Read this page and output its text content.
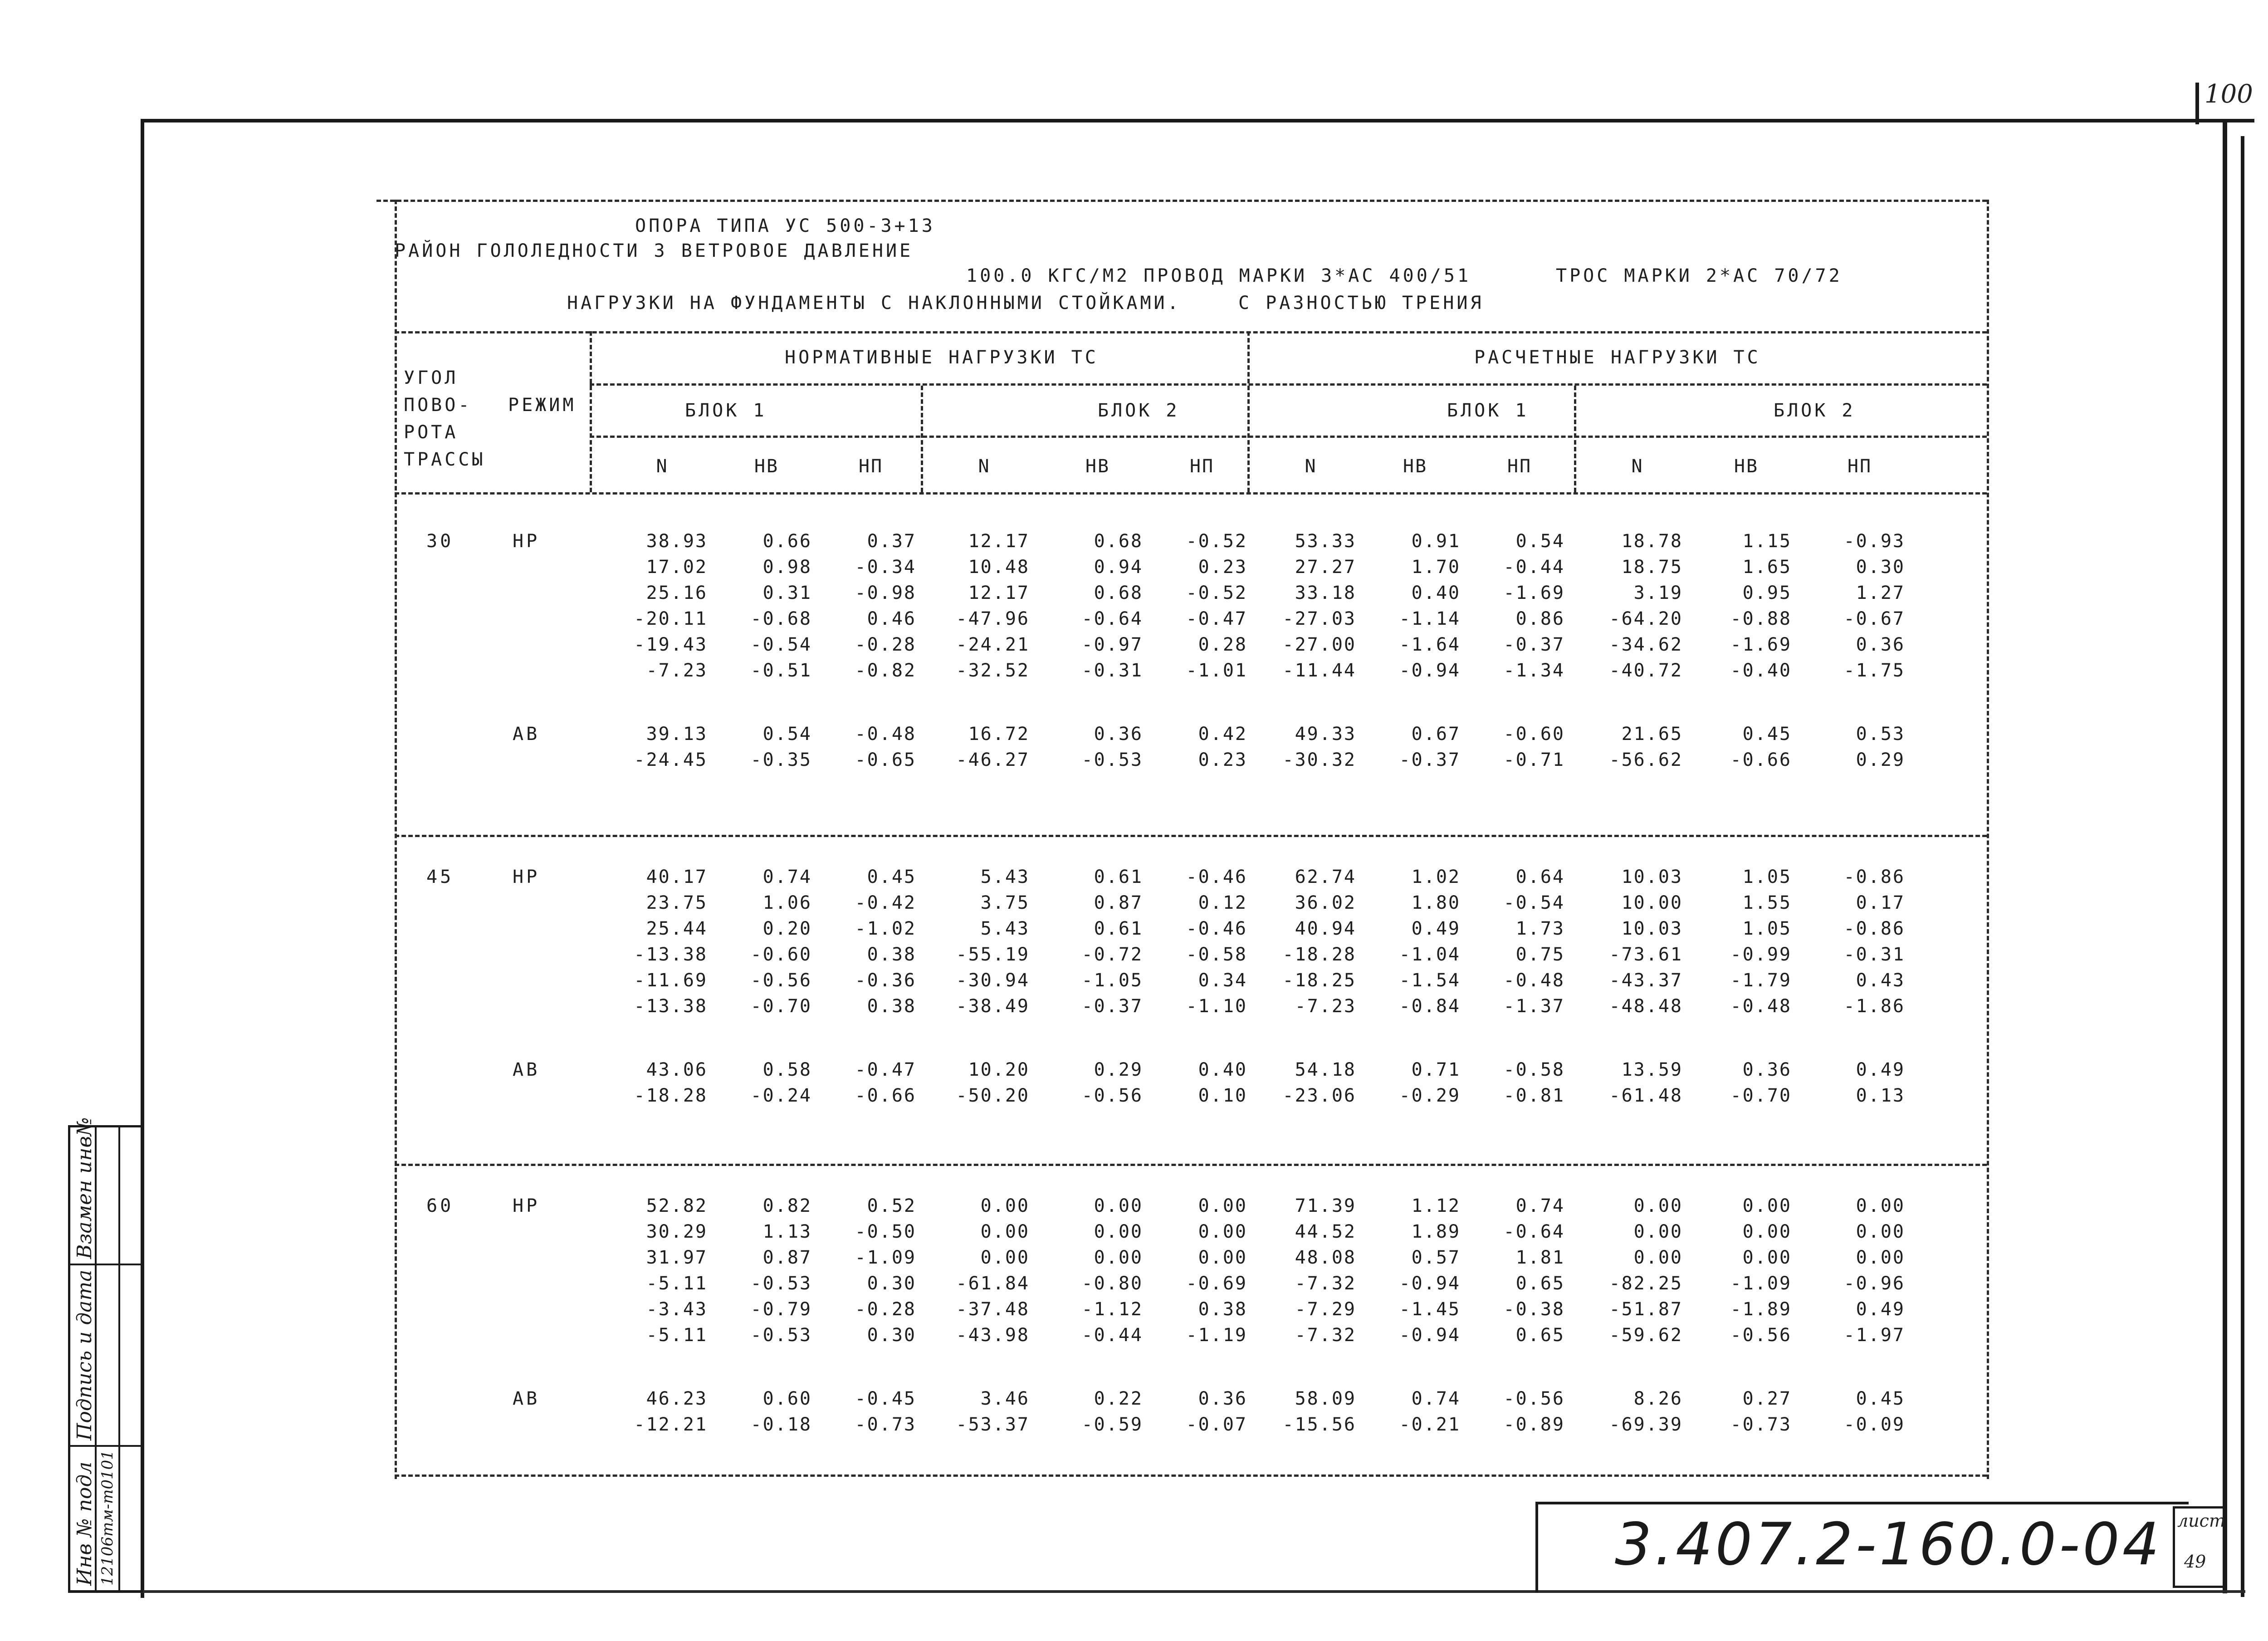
100
3.407.2-160.0-04 лист
49
Инв № подл 12106тм-т0101
Подпись и дата
Взамен инв№
ОПОРА ТИПА УС 500-3+13
РАЙОН ГОЛОЛЕДНОСТИ 3 ВЕТРОВОЕ ДАВЛЕНИЕ
100.0 КГС/М2 ПРОВОД МАРКИ 3*АС 400/51	ТРОС МАРКИ 2*АС 70/72
НАГРУЗКИ НА ФУНДАМЕНТЫ С НАКЛОННЫМИ СТОЙКАМИ.	С РАЗНОСТЬЮ ТРЕНИЯ
УГОЛ
ПОВО-
РОТА
ТРАССЫ
РЕЖИМ
НОРМАТИВНЫЕ НАГРУЗКИ ТС	РАСЧЕТНЫЕ НАГРУЗКИ ТС
БЛОК 1	БЛОК 2	БЛОК 1	БЛОК 2
N	НВ	НП	N	НВ	НП	N	НВ	НП	N	НВ	НП
30	НР	38.93	0.66	0.37	12.17	0.68	-0.52	53.33	0.91	0.54	18.78	1.15	-0.93
17.02	0.98	-0.34	10.48	0.94	0.23	27.27	1.70	-0.44	18.75	1.65	0.30
25.16	0.31	-0.98	12.17	0.68	-0.52	33.18	0.40	-1.69	3.19	0.95	1.27
-20.11	-0.68	0.46	-47.96	-0.64	-0.47	-27.03	-1.14	0.86	-64.20	-0.88	-0.67
-19.43	-0.54	-0.28	-24.21	-0.97	0.28	-27.00	-1.64	-0.37	-34.62	-1.69	0.36
-7.23	-0.51	-0.82	-32.52	-0.31	-1.01	-11.44	-0.94	-1.34	-40.72	-0.40	-1.75
АВ	39.13	0.54	-0.48	16.72	0.36	0.42	49.33	0.67	-0.60	21.65	0.45	0.53
-24.45	-0.35	-0.65	-46.27	-0.53	0.23	-30.32	-0.37	-0.71	-56.62	-0.66	0.29
45	НР	40.17	0.74	0.45	5.43	0.61	-0.46	62.74	1.02	0.64	10.03	1.05	-0.86
23.75	1.06	-0.42	3.75	0.87	0.12	36.02	1.80	-0.54	10.00	1.55	0.17
25.44	0.20	-1.02	5.43	0.61	-0.46	40.94	0.49	1.73	10.03	1.05	-0.86
-13.38	-0.60	0.38	-55.19	-0.72	-0.58	-18.28	-1.04	0.75	-73.61	-0.99	-0.31
-11.69	-0.56	-0.36	-30.94	-1.05	0.34	-18.25	-1.54	-0.48	-43.37	-1.79	0.43
-13.38	-0.70	0.38	-38.49	-0.37	-1.10	-7.23	-0.84	-1.37	-48.48	-0.48	-1.86
АВ	43.06	0.58	-0.47	10.20	0.29	0.40	54.18	0.71	-0.58	13.59	0.36	0.49
-18.28	-0.24	-0.66	-50.20	-0.56	0.10	-23.06	-0.29	-0.81	-61.48	-0.70	0.13
60	НР	52.82	0.82	0.52	0.00	0.00	0.00	71.39	1.12	0.74	0.00	0.00	0.00
30.29	1.13	-0.50	0.00	0.00	0.00	44.52	1.89	-0.64	0.00	0.00	0.00
31.97	0.87	-1.09	0.00	0.00	0.00	48.08	0.57	1.81	0.00	0.00	0.00
-5.11	-0.53	0.30	-61.84	-0.80	-0.69	-7.32	-0.94	0.65	-82.25	-1.09	-0.96
-3.43	-0.79	-0.28	-37.48	-1.12	0.38	-7.29	-1.45	-0.38	-51.87	-1.89	0.49
-5.11	-0.53	0.30	-43.98	-0.44	-1.19	-7.32	-0.94	0.65	-59.62	-0.56	-1.97
АВ	46.23	0.60	-0.45	3.46	0.22	0.36	58.09	0.74	-0.56	8.26	0.27	0.45
-12.21	-0.18	-0.73	-53.37	-0.59	-0.07	-15.56	-0.21	-0.89	-69.39	-0.73	-0.09
